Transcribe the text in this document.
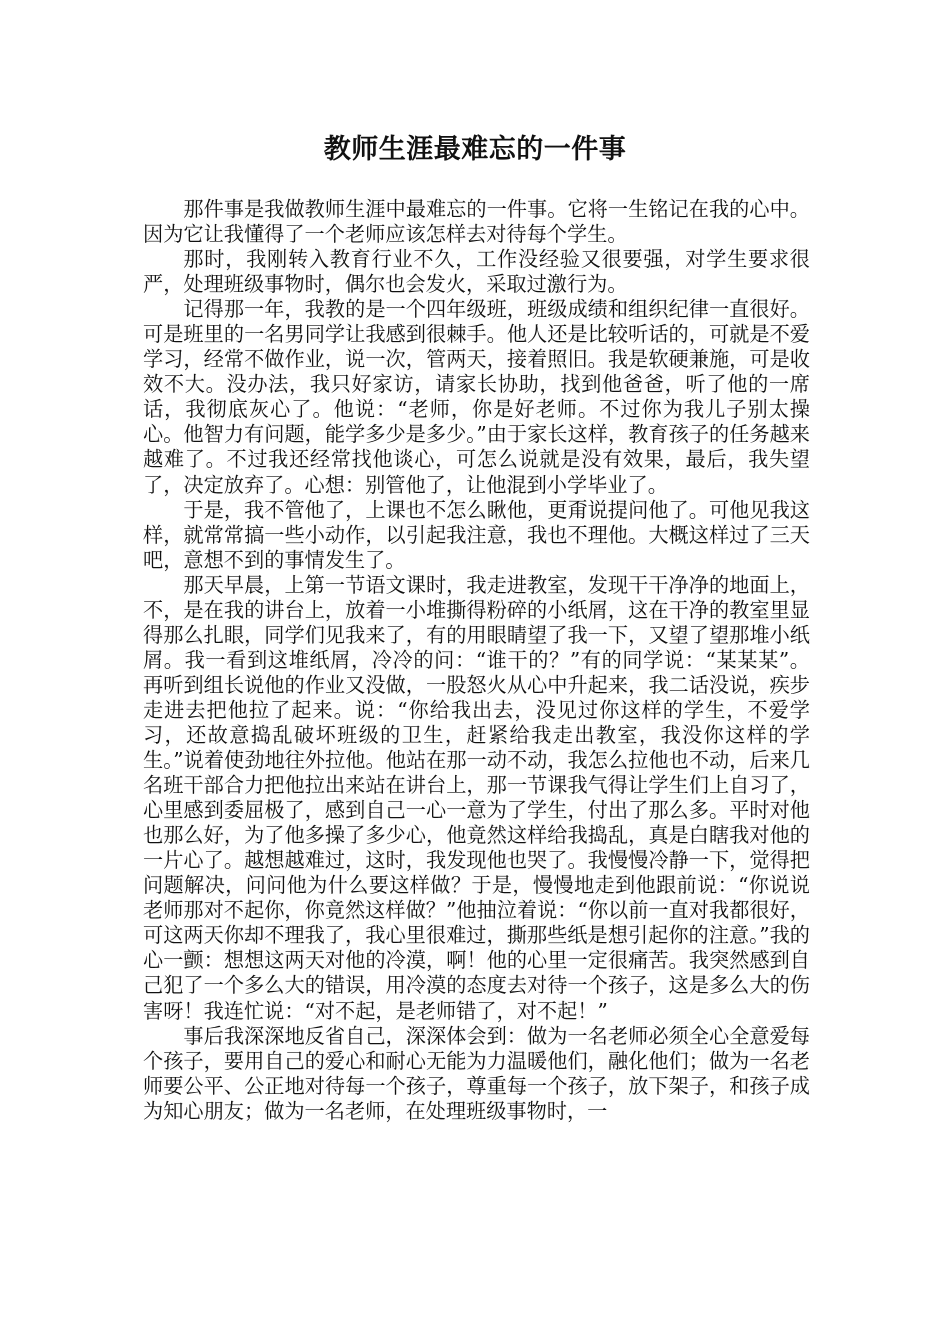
教师生涯最难忘的一件事

那件事是我做教师生涯中最难忘的一件事。它将一生铭记在我的心中。因为它让我懂得了一个老师应该怎样去对待每个学生。

那时，我刚转入教育行业不久，工作没经验又很要强，对学生要求很严，处理班级事物时，偶尔也会发火，采取过激行为。

记得那一年，我教的是一个四年级班，班级成绩和组织纪律一直很好。可是班里的一名男同学让我感到很棘手。他人还是比较听话的，可就是不爱学习，经常不做作业，说一次，管两天，接着照旧。我是软硬兼施，可是收效不大。没办法，我只好家访，请家长协助，找到他爸爸，听了他的一席话，我彻底灰心了。他说：“老师，你是好老师。不过你为我儿子别太操心。他智力有问题，能学多少是多少。”由于家长这样，教育孩子的任务越来越难了。不过我还经常找他谈心，可怎么说就是没有效果，最后，我失望了，决定放弃了。心想：别管他了，让他混到小学毕业了。

于是，我不管他了，上课也不怎么瞅他，更甭说提问他了。可他见我这样，就常常搞一些小动作，以引起我注意，我也不理他。大概这样过了三天吧，意想不到的事情发生了。

那天早晨，上第一节语文课时，我走进教室，发现干干净净的地面上，不，是在我的讲台上，放着一小堆撕得粉碎的小纸屑，这在干净的教室里显得那么扎眼，同学们见我来了，有的用眼睛望了我一下，又望了望那堆小纸屑。我一看到这堆纸屑，冷冷的问：“谁干的？”有的同学说：“某某某”。再听到组长说他的作业又没做，一股怒火从心中升起来，我二话没说，疾步走进去把他拉了起来。说：“你给我出去，没见过你这样的学生，不爱学习，还故意捣乱破坏班级的卫生，赶紧给我走出教室，我没你这样的学生。”说着使劲地往外拉他。他站在那一动不动，我怎么拉他也不动，后来几名班干部合力把他拉出来站在讲台上，那一节课我气得让学生们上自习了，心里感到委屈极了，感到自己一心一意为了学生，付出了那么多。平时对他也那么好，为了他多操了多少心，他竟然这样给我捣乱，真是白瞎我对他的一片心了。越想越难过，这时，我发现他也哭了。我慢慢冷静一下，觉得把问题解决，问问他为什么要这样做？于是，慢慢地走到他跟前说：“你说说老师那对不起你，你竟然这样做？”他抽泣着说：“你以前一直对我都很好，可这两天你却不理我了，我心里很难过，撕那些纸是想引起你的注意。”我的心一颤：想想这两天对他的冷漠，啊！他的心里一定很痛苦。我突然感到自己犯了一个多么大的错误，用冷漠的态度去对待一个孩子，这是多么大的伤害呀！我连忙说：“对不起，是老师错了，对不起！”

事后我深深地反省自己，深深体会到：做为一名老师必须全心全意爱每个孩子，要用自己的爱心和耐心无能为力温暖他们，融化他们；做为一名老师要公平、公正地对待每一个孩子，尊重每一个孩子，放下架子，和孩子成为知心朋友；做为一名老师，在处理班级事物时，一
